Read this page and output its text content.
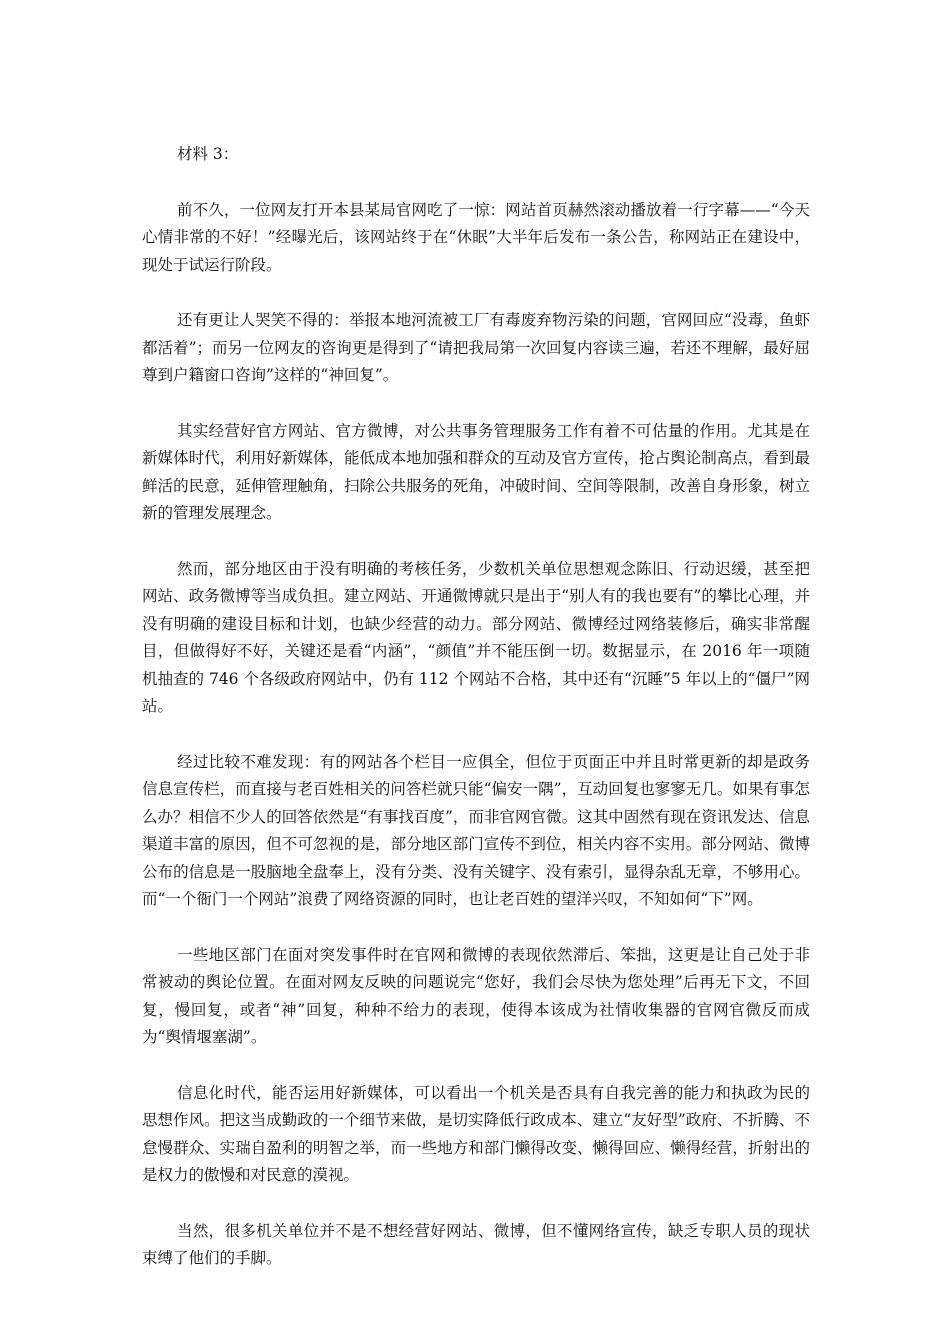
材料 3：

前不久，一位网友打开本县某局官网吃了一惊：网站首页赫然滚动播放着一行字幕——“今天心情非常的不好！”经曝光后，该网站终于在“休眠”大半年后发布一条公告，称网站正在建设中，现处于试运行阶段。

还有更让人哭笑不得的：举报本地河流被工厂有毒废弃物污染的问题，官网回应“没毒，鱼虾都活着”；而另一位网友的咨询更是得到了“请把我局第一次回复内容读三遍，若还不理解，最好屈尊到户籍窗口咨询”这样的“神回复”。

其实经营好官方网站、官方微博，对公共事务管理服务工作有着不可估量的作用。尤其是在新媒体时代，利用好新媒体，能低成本地加强和群众的互动及官方宣传，抢占舆论制高点，看到最鲜活的民意，延伸管理触角，扫除公共服务的死角，冲破时间、空间等限制，改善自身形象，树立新的管理发展理念。

然而，部分地区由于没有明确的考核任务，少数机关单位思想观念陈旧、行动迟缓，甚至把网站、政务微博等当成负担。建立网站、开通微博就只是出于“别人有的我也要有”的攀比心理，并没有明确的建设目标和计划，也缺少经营的动力。部分网站、微博经过网络装修后，确实非常醒目，但做得好不好，关键还是看“内涵”，“颜值”并不能压倒一切。数据显示，在 2016 年一项随机抽查的 746 个各级政府网站中，仍有 112 个网站不合格，其中还有“沉睡”5 年以上的“僵尸”网站。

经过比较不难发现：有的网站各个栏目一应俱全，但位于页面正中并且时常更新的却是政务信息宣传栏，而直接与老百姓相关的问答栏就只能“偏安一隅”，互动回复也寥寥无几。如果有事怎么办？相信不少人的回答依然是“有事找百度”，而非官网官微。这其中固然有现在资讯发达、信息渠道丰富的原因，但不可忽视的是，部分地区部门宣传不到位，相关内容不实用。部分网站、微博公布的信息是一股脑地全盘奉上，没有分类、没有关键字、没有索引，显得杂乱无章，不够用心。而“一个衙门一个网站”浪费了网络资源的同时，也让老百姓的望洋兴叹，不知如何“下”网。

一些地区部门在面对突发事件时在官网和微博的表现依然滞后、笨拙，这更是让自己处于非常被动的舆论位置。在面对网友反映的问题说完“您好，我们会尽快为您处理”后再无下文，不回复，慢回复，或者“神”回复，种种不给力的表现，使得本该成为社情收集器的官网官微反而成为“舆情堰塞湖”。

信息化时代，能否运用好新媒体，可以看出一个机关是否具有自我完善的能力和执政为民的思想作风。把这当成勤政的一个细节来做，是切实降低行政成本、建立“友好型”政府、不折腾、不怠慢群众、实瑞自盈利的明智之举，而一些地方和部门懒得改变、懒得回应、懒得经营，折射出的是权力的傲慢和对民意的漠视。

当然，很多机关单位并不是不想经营好网站、微博，但不懂网络宣传，缺乏专职人员的现状束缚了他们的手脚。
